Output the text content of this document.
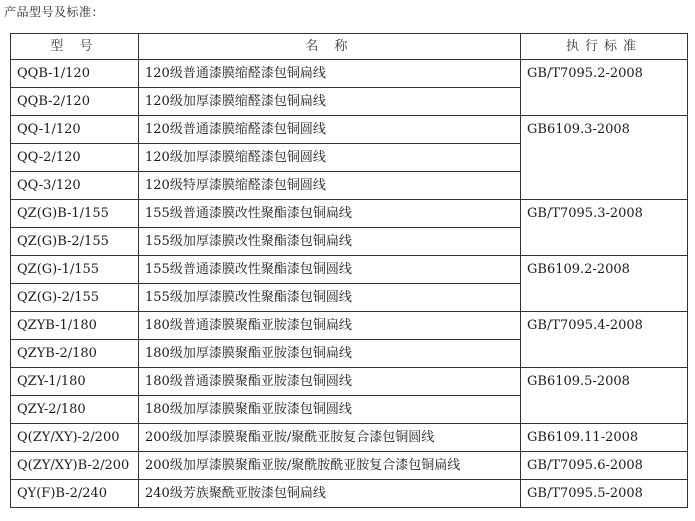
产品型号及标准：
型 号	名 称	执行标准
QQB-1/120	120级普通漆膜缩醛漆包铜扁线	GB/T7095.2-2008
QQB-2/120	120级加厚漆膜缩醛漆包铜扁线	
QQ-1/120	120级普通漆膜缩醛漆包铜圆线	GB6109.3-2008
QQ-2/120	120级加厚漆膜缩醛漆包铜圆线	
QQ-3/120	120级特厚漆膜缩醛漆包铜圆线	
QZ(G)B-1/155	155级普通漆膜改性聚酯漆包铜扁线	GB/T7095.3-2008
QZ(G)B-2/155	155级加厚漆膜改性聚酯漆包铜扁线	
QZ(G)-1/155	155级普通漆膜改性聚酯漆包铜圆线	GB6109.2-2008
QZ(G)-2/155	155级加厚漆膜改性聚酯漆包铜圆线	
QZYB-1/180	180级普通漆膜聚酯亚胺漆包铜扁线	GB/T7095.4-2008
QZYB-2/180	180级加厚漆膜聚酯亚胺漆包铜扁线	
QZY-1/180	180级普通漆膜聚酯亚胺漆包铜圆线	GB6109.5-2008
QZY-2/180	180级加厚漆膜聚酯亚胺漆包铜圆线	
Q(ZY/XY)-2/200	200级加厚漆膜聚酯亚胺/聚酰亚胺复合漆包铜圆线	GB6109.11-2008
Q(ZY/XY)B-2/200	200级加厚漆膜聚酯亚胺/聚酰胺酰亚胺复合漆包铜扁线	GB/T7095.6-2008
QY(F)B-2/240	240级芳族聚酰亚胺漆包铜扁线	GB/T7095.5-2008
